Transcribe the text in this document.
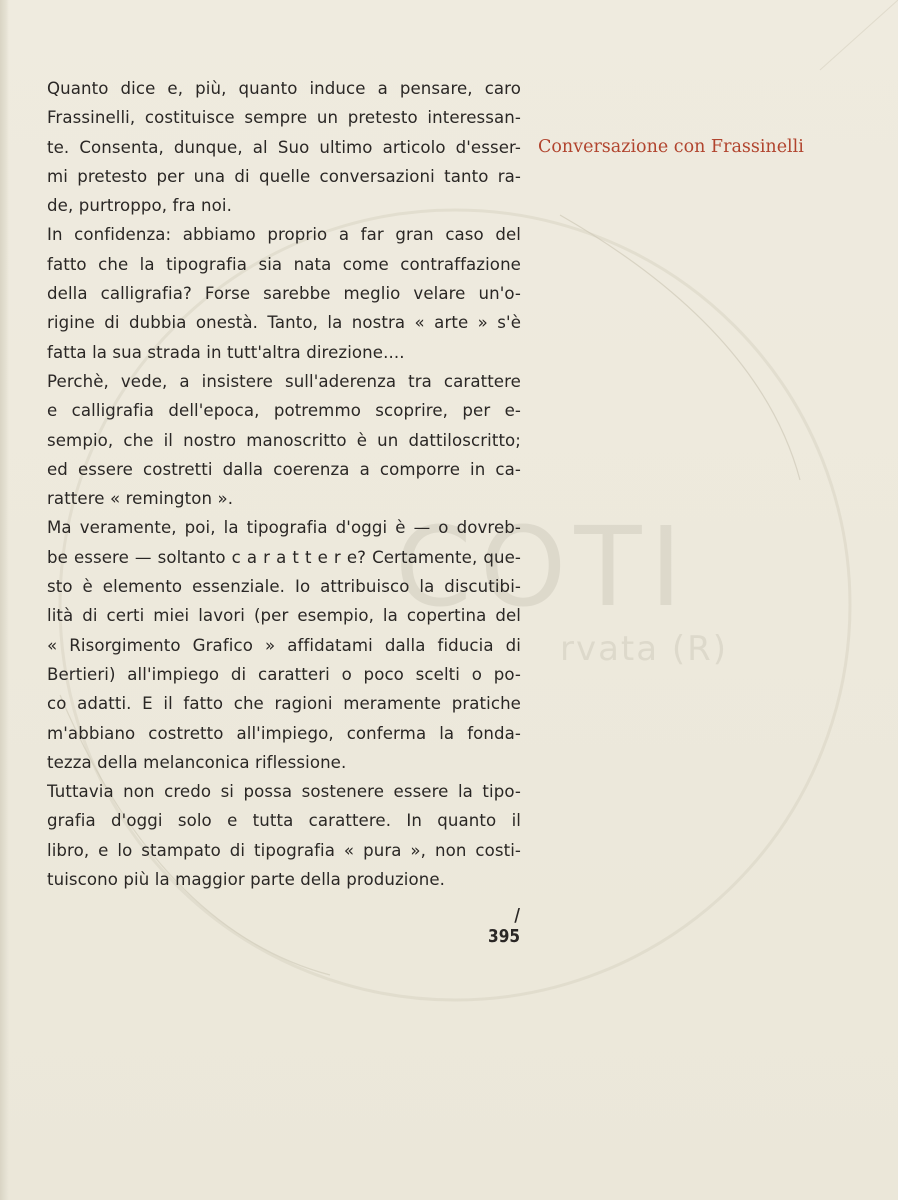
COTI
rvata (R)
Quanto dice e, più, quanto induce a pensare, caro
Frassinelli, costituisce sempre un pretesto interessan-
te. Consenta, dunque, al Suo ultimo articolo d'esser-
mi pretesto per una di quelle conversazioni tanto ra-
de, purtroppo, fra noi.
In confidenza: abbiamo proprio a far gran caso del
fatto che la tipografia sia nata come contraffazione
della calligrafia? Forse sarebbe meglio velare un'o-
rigine di dubbia onestà. Tanto, la nostra « arte » s'è
fatta la sua strada in tutt'altra direzione....
Perchè, vede, a insistere sull'aderenza tra carattere
e calligrafia dell'epoca, potremmo scoprire, per e-
sempio, che il nostro manoscritto è un dattiloscritto;
ed essere costretti dalla coerenza a comporre in ca-
rattere « remington ».
Ma veramente, poi, la tipografia d'oggi è — o dovreb-
be essere — soltanto c a r a t t e r e? Certamente, que-
sto è elemento essenziale. Io attribuisco la discutibi-
lità di certi miei lavori (per esempio, la copertina del
« Risorgimento Grafico » affidatami dalla fiducia di
Bertieri) all'impiego di caratteri o poco scelti o po-
co adatti. E il fatto che ragioni meramente pratiche
m'abbiano costretto all'impiego, conferma la fonda-
tezza della melanconica riflessione.
Tuttavia non credo si possa sostenere essere la tipo-
grafia d'oggi solo e tutta carattere. In quanto il
libro, e lo stampato di tipografia « pura », non costi-
tuiscono più la maggior parte della produzione.
Conversazione con Frassinelli
/ 395
